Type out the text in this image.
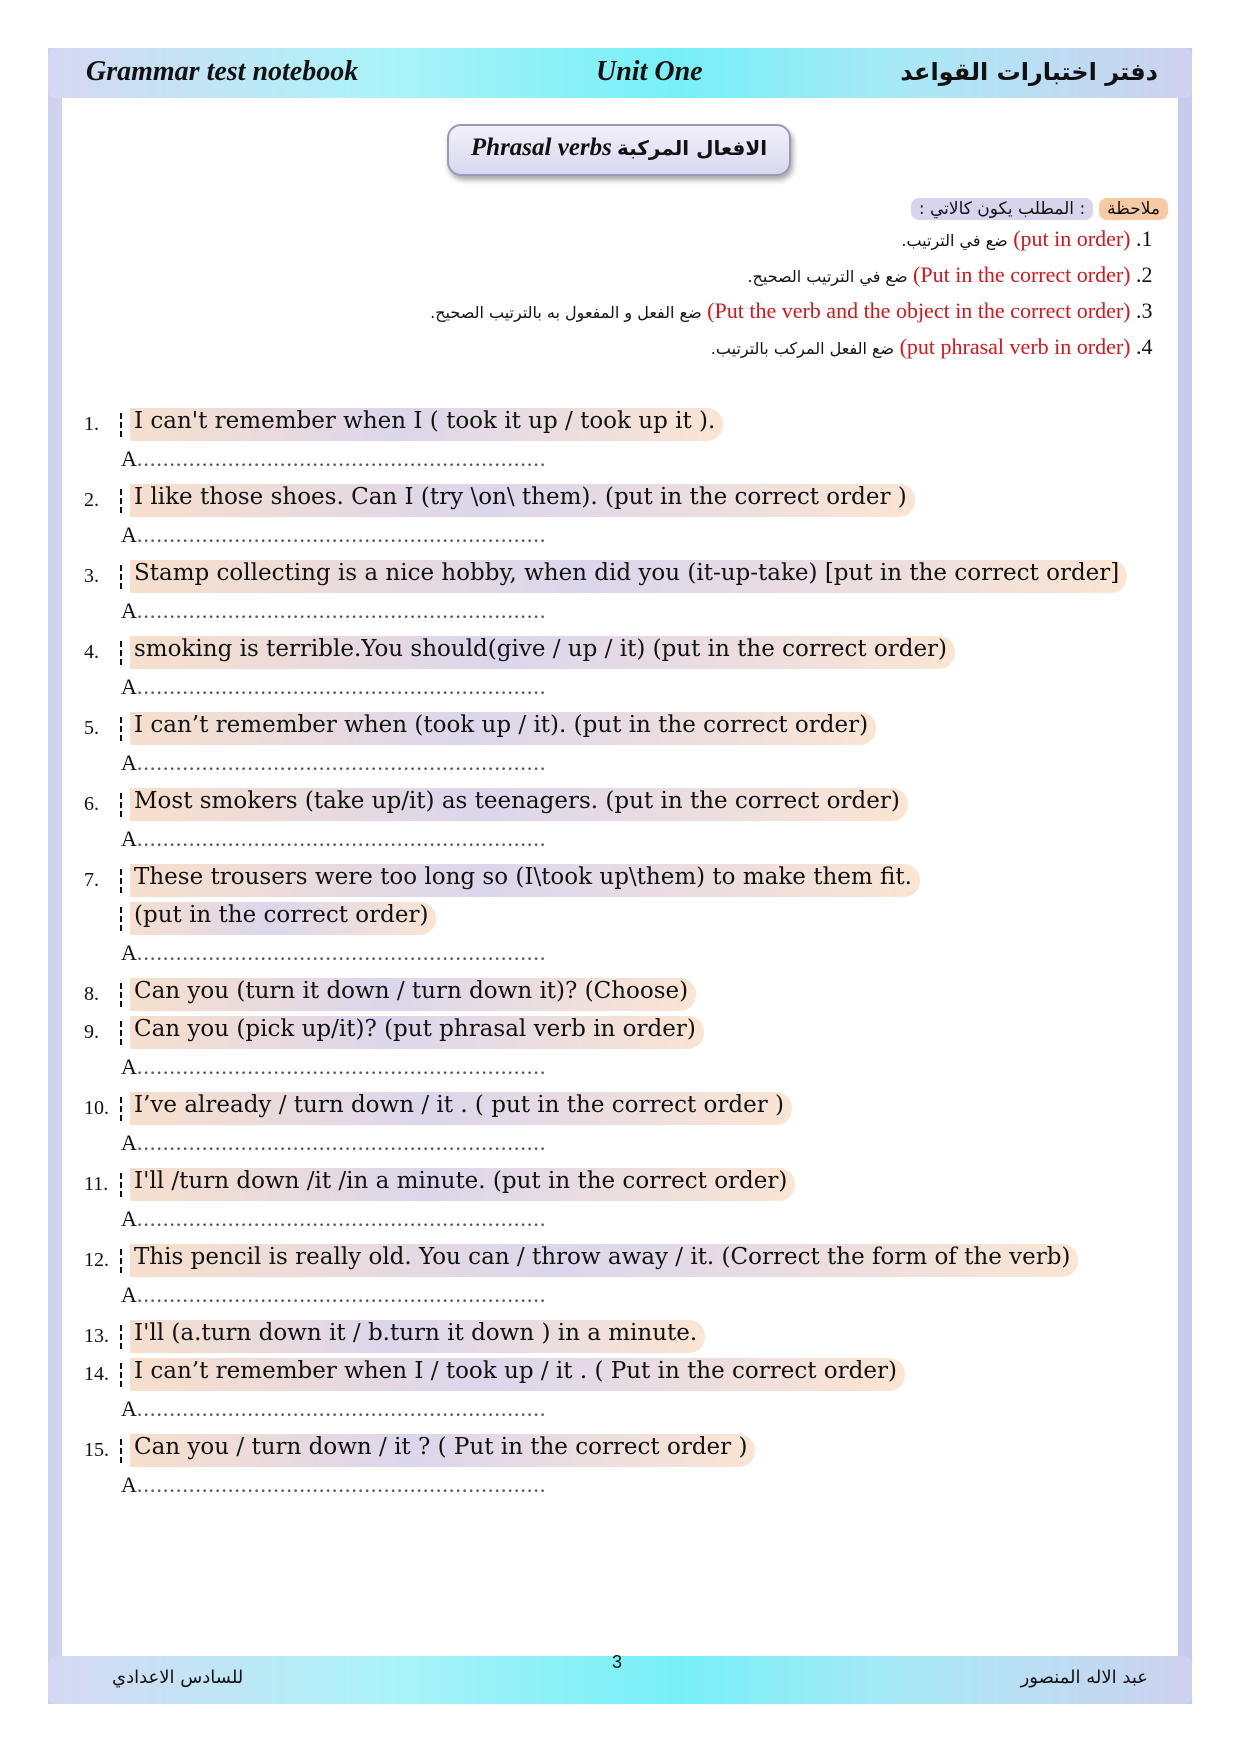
Grammar test notebook	Unit One	دفتر اختبارات القواعد
Phrasal verbs الافعال المركبة
ملاحظة
: المطلب يكون كالاتي :
.1 (put in order) ضع في الترتيب.
.2 (Put in the correct order) ضع في الترتيب الصحيح.
.3 (Put the verb and the object in the correct order) ضع الفعل و المفعول به بالترتيب الصحيح.
.4 (put phrasal verb in order) ضع الفعل المركب بالترتيب.
1.	I can't remember when I ( took it up / took up it ).
A...............................................................
2.	I like those shoes. Can I (try \on\ them). (put in the correct order )
A...............................................................
3.	Stamp collecting is a nice hobby, when did you (it-up-take) [put in the correct order]
A...............................................................
4.	smoking is terrible.You should(give / up / it) (put in the correct order)
A...............................................................
5.	I can’t remember when (took up / it). (put in the correct order)
A...............................................................
6.	Most smokers (take up/it) as teenagers. (put in the correct order)
A...............................................................
7.	These trousers were too long so (I\took up\them) to make them fit.
(put in the correct order)
A...............................................................
8.	Can you (turn it down / turn down it)? (Choose)
9.	Can you (pick up/it)? (put phrasal verb in order)
A...............................................................
10.	I’ve already / turn down / it . ( put in the correct order )
A...............................................................
11.	I'll /turn down /it /in a minute. (put in the correct order)
A...............................................................
12.	This pencil is really old. You can / throw away / it. (Correct the form of the verb)
A...............................................................
13.	I'll (a.turn down it / b.turn it down ) in a minute.
14.	I can’t remember when I / took up / it . ( Put in the correct order)
A...............................................................
15.	Can you / turn down / it ? ( Put in the correct order )
A...............................................................
للسادس الاعدادي
3
عبد الاله المنصور
